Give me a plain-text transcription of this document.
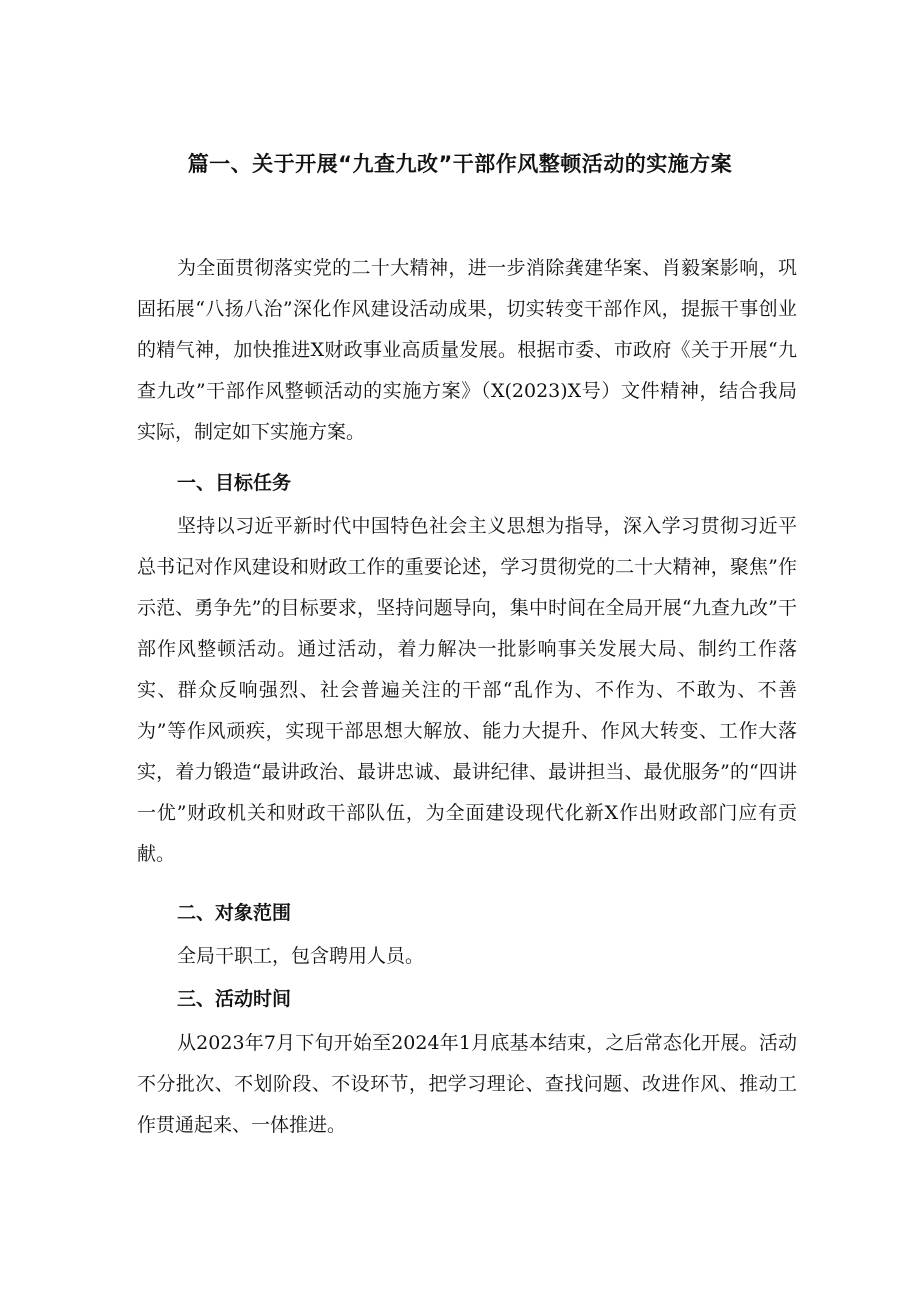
篇一、关于开展“九查九改”干部作风整顿活动的实施方案

为全面贯彻落实党的二十大精神，进一步消除龚建华案、肖毅案影响，巩固拓展“八扬八治”深化作风建设活动成果，切实转变干部作风，提振干事创业的精气神，加快推进X财政事业高质量发展。根据市委、市政府《关于开展“九查九改”干部作风整顿活动的实施方案》（X(2023)X号）文件精神，结合我局实际，制定如下实施方案。

一、目标任务

坚持以习近平新时代中国特色社会主义思想为指导，深入学习贯彻习近平总书记对作风建设和财政工作的重要论述，学习贯彻党的二十大精神，聚焦”作示范、勇争先”的目标要求，坚持问题导向，集中时间在全局开展“九查九改”干部作风整顿活动。通过活动，着力解决一批影响事关发展大局、制约工作落实、群众反响强烈、社会普遍关注的干部“乱作为、不作为、不敢为、不善为”等作风顽疾，实现干部思想大解放、能力大提升、作风大转变、工作大落实，着力锻造“最讲政治、最讲忠诚、最讲纪律、最讲担当、最优服务”的“四讲一优”财政机关和财政干部队伍，为全面建设现代化新X作出财政部门应有贡献。

二、对象范围

全局干职工，包含聘用人员。

三、活动时间

从2023年7月下旬开始至2024年1月底基本结束，之后常态化开展。活动不分批次、不划阶段、不设环节，把学习理论、查找问题、改进作风、推动工作贯通起来、一体推进。
